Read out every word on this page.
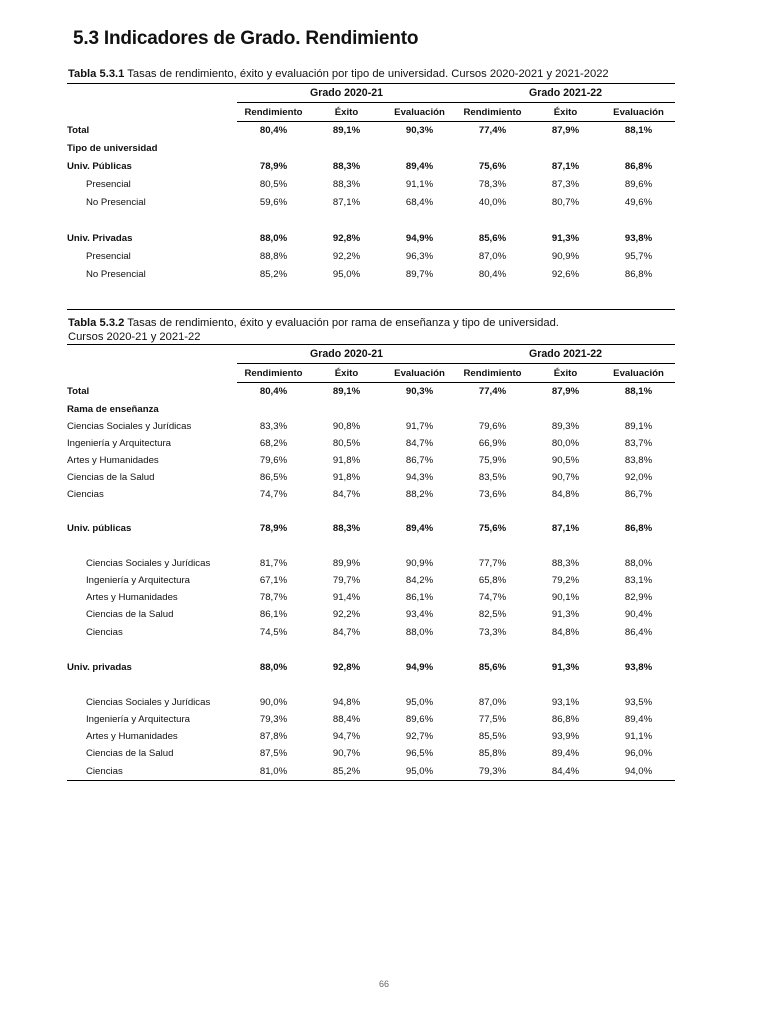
5.3 Indicadores de Grado. Rendimiento
Tabla 5.3.1 Tasas de rendimiento, éxito y evaluación por tipo de universidad. Cursos 2020-2021 y 2021-2022
	Grado 2020-21			Grado 2021-22		
	Rendimiento	Éxito	Evaluación	Rendimiento	Éxito	Evaluación
Total	80,4%	89,1%	90,3%	77,4%	87,9%	88,1%
Tipo de universidad						
Univ. Públicas	78,9%	88,3%	89,4%	75,6%	87,1%	86,8%
Presencial	80,5%	88,3%	91,1%	78,3%	87,3%	89,6%
No Presencial	59,6%	87,1%	68,4%	40,0%	80,7%	49,6%

Univ. Privadas	88,0%	92,8%	94,9%	85,6%	91,3%	93,8%
Presencial	88,8%	92,2%	96,3%	87,0%	90,9%	95,7%
No Presencial	85,2%	95,0%	89,7%	80,4%	92,6%	86,8%

Tabla 5.3.2 Tasas de rendimiento, éxito y evaluación por rama de enseñanza y tipo de universidad.
Cursos 2020-21 y 2021-22
	Grado 2020-21			Grado 2021-22		
	Rendimiento	Éxito	Evaluación	Rendimiento	Éxito	Evaluación
Total	80,4%	89,1%	90,3%	77,4%	87,9%	88,1%
Rama de enseñanza						
Ciencias Sociales y Jurídicas	83,3%	90,8%	91,7%	79,6%	89,3%	89,1%
Ingeniería y Arquitectura	68,2%	80,5%	84,7%	66,9%	80,0%	83,7%
Artes y Humanidades	79,6%	91,8%	86,7%	75,9%	90,5%	83,8%
Ciencias de la Salud	86,5%	91,8%	94,3%	83,5%	90,7%	92,0%
Ciencias	74,7%	84,7%	88,2%	73,6%	84,8%	86,7%

Univ. públicas	78,9%	88,3%	89,4%	75,6%	87,1%	86,8%

Ciencias Sociales y Jurídicas	81,7%	89,9%	90,9%	77,7%	88,3%	88,0%
Ingeniería y Arquitectura	67,1%	79,7%	84,2%	65,8%	79,2%	83,1%
Artes y Humanidades	78,7%	91,4%	86,1%	74,7%	90,1%	82,9%
Ciencias de la Salud	86,1%	92,2%	93,4%	82,5%	91,3%	90,4%
Ciencias	74,5%	84,7%	88,0%	73,3%	84,8%	86,4%

Univ. privadas	88,0%	92,8%	94,9%	85,6%	91,3%	93,8%

Ciencias Sociales y Jurídicas	90,0%	94,8%	95,0%	87,0%	93,1%	93,5%
Ingeniería y Arquitectura	79,3%	88,4%	89,6%	77,5%	86,8%	89,4%
Artes y Humanidades	87,8%	94,7%	92,7%	85,5%	93,9%	91,1%
Ciencias de la Salud	87,5%	90,7%	96,5%	85,8%	89,4%	96,0%
Ciencias	81,0%	85,2%	95,0%	79,3%	84,4%	94,0%
66
